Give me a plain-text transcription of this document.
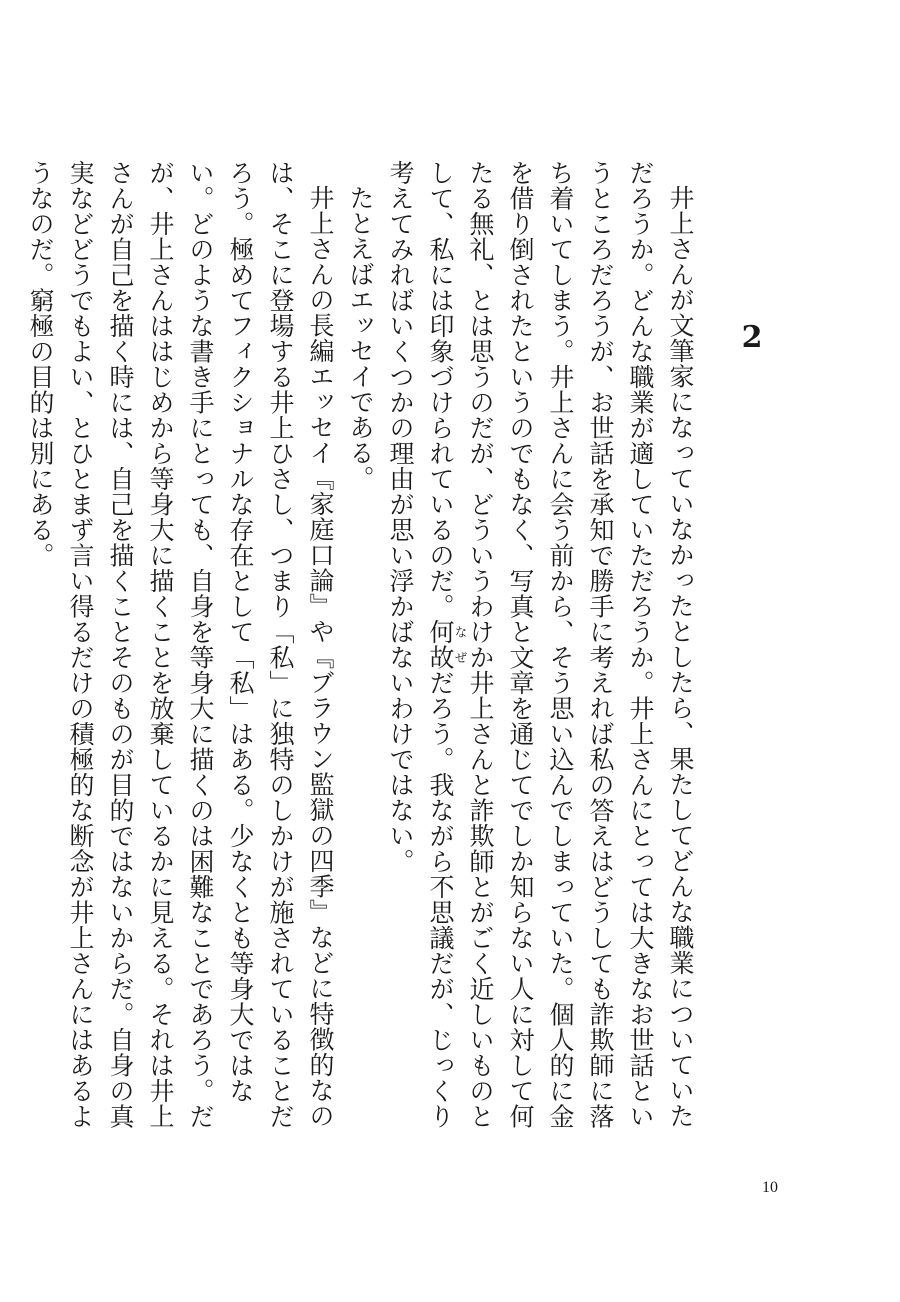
2

井上さんが文筆家になっていなかったとしたら、果たしてどんな職業についていただろうか。どんな職業が適していただろうか。井上さんにとっては大きなお世話というところだろうが、お世話を承知で勝手に考えれば私の答えはどうしても詐欺師に落ち着いてしまう。井上さんに会う前から、そう思い込んでしまっていた。個人的に金を借り倒されたというのでもなく、写真と文章を通じてでしか知らない人に対して何たる無礼、とは思うのだが、どういうわけか井上さんと詐欺師とがごく近しいものとして、私には印象づけられているのだ。何故なぜだろう。我ながら不思議だが、じっくり考えてみればいくつかの理由が思い浮かばないわけではない。

たとえばエッセイである。

井上さんの長編エッセイ『家庭口論』や『ブラウン監獄の四季』などに特徴的なのは、そこに登場する井上ひさし、つまり「私」に独特のしかけが施されていることだろう。極めてフィクショナルな存在として「私」はある。少なくとも等身大ではない。どのような書き手にとっても、自身を等身大に描くのは困難なことであろう。だが、井上さんははじめから等身大に描くことを放棄しているかに見える。それは井上さんが自己を描く時には、自己を描くことそのものが目的ではないからだ。自身の真実などどうでもよい、とひとまず言い得るだけの積極的な断念が井上さんにはあるようなのだ。窮極の目的は別にある。

10
